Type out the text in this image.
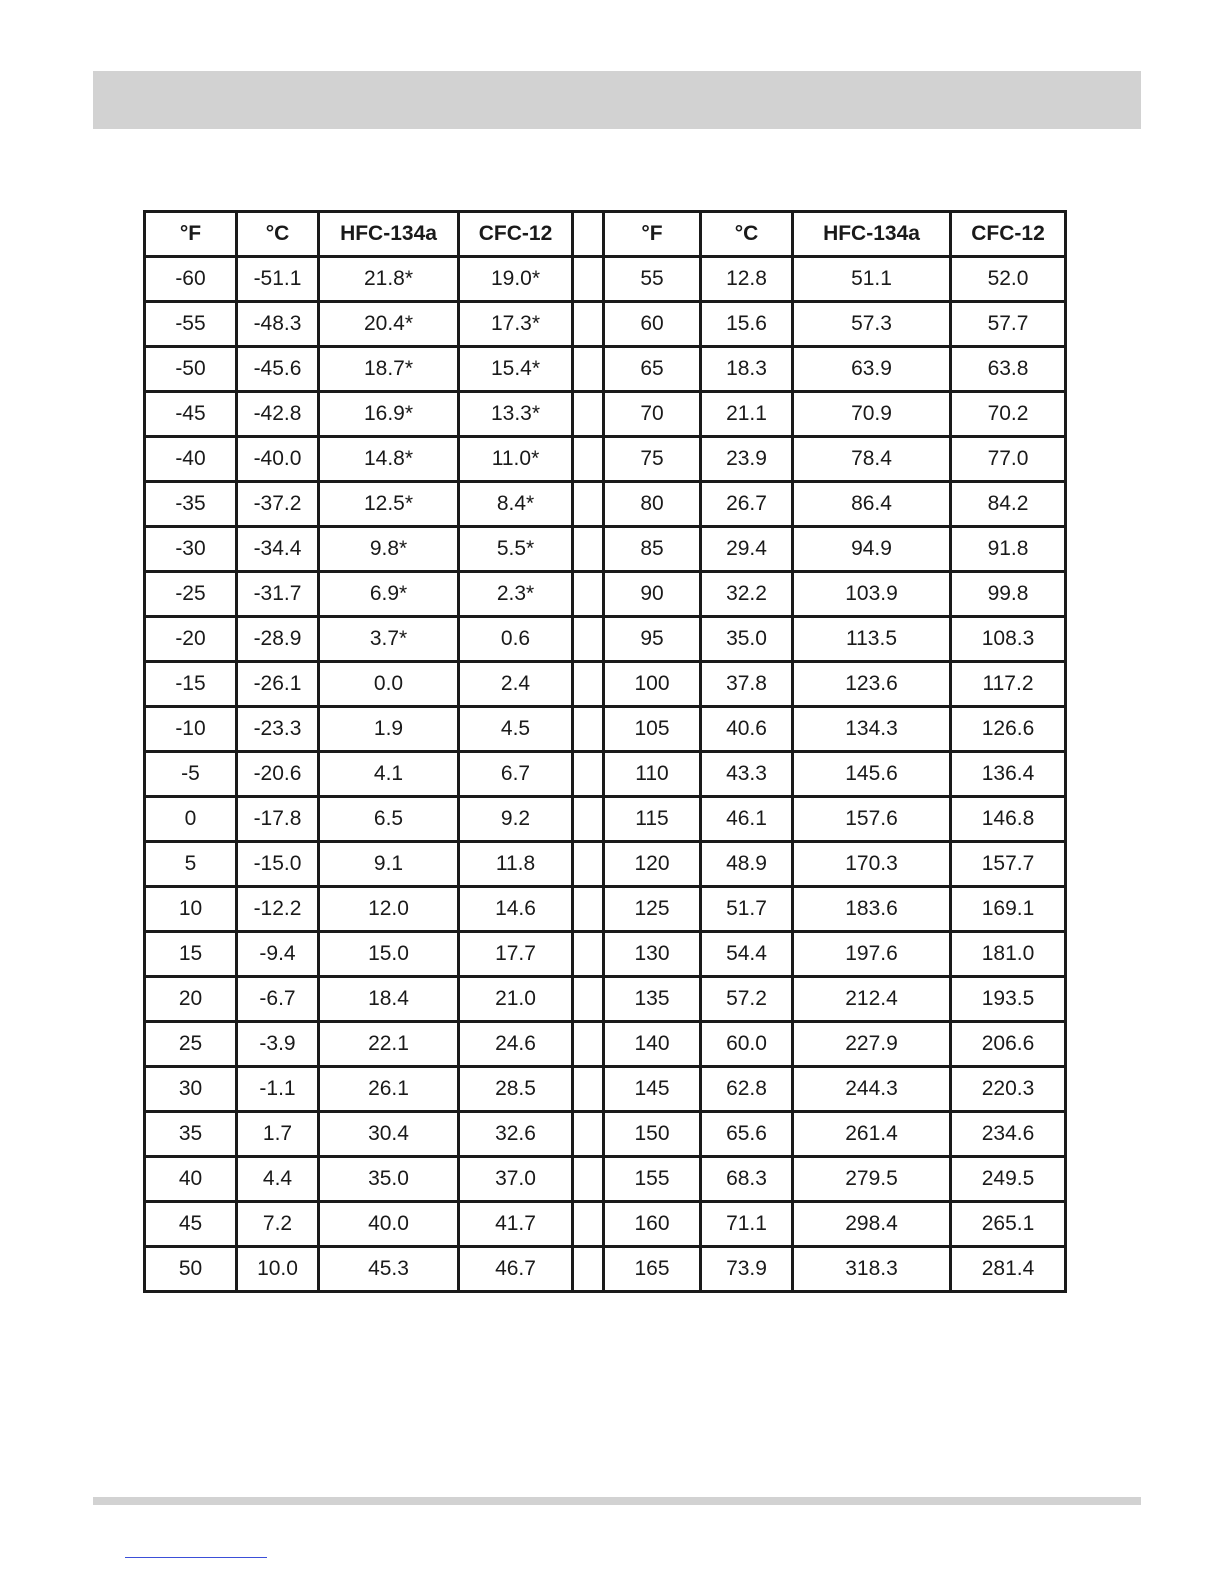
°F	°C	HFC-134a	CFC-12		°F	°C	HFC-134a	CFC-12
-60	-51.1	21.8*	19.0*		55	12.8	51.1	52.0
-55	-48.3	20.4*	17.3*		60	15.6	57.3	57.7
-50	-45.6	18.7*	15.4*		65	18.3	63.9	63.8
-45	-42.8	16.9*	13.3*		70	21.1	70.9	70.2
-40	-40.0	14.8*	11.0*		75	23.9	78.4	77.0
-35	-37.2	12.5*	8.4*		80	26.7	86.4	84.2
-30	-34.4	9.8*	5.5*		85	29.4	94.9	91.8
-25	-31.7	6.9*	2.3*		90	32.2	103.9	99.8
-20	-28.9	3.7*	0.6		95	35.0	113.5	108.3
-15	-26.1	0.0	2.4		100	37.8	123.6	117.2
-10	-23.3	1.9	4.5		105	40.6	134.3	126.6
-5	-20.6	4.1	6.7		110	43.3	145.6	136.4
0	-17.8	6.5	9.2		115	46.1	157.6	146.8
5	-15.0	9.1	11.8		120	48.9	170.3	157.7
10	-12.2	12.0	14.6		125	51.7	183.6	169.1
15	-9.4	15.0	17.7		130	54.4	197.6	181.0
20	-6.7	18.4	21.0		135	57.2	212.4	193.5
25	-3.9	22.1	24.6		140	60.0	227.9	206.6
30	-1.1	26.1	28.5		145	62.8	244.3	220.3
35	1.7	30.4	32.6		150	65.6	261.4	234.6
40	4.4	35.0	37.0		155	68.3	279.5	249.5
45	7.2	40.0	41.7		160	71.1	298.4	265.1
50	10.0	45.3	46.7		165	73.9	318.3	281.4
